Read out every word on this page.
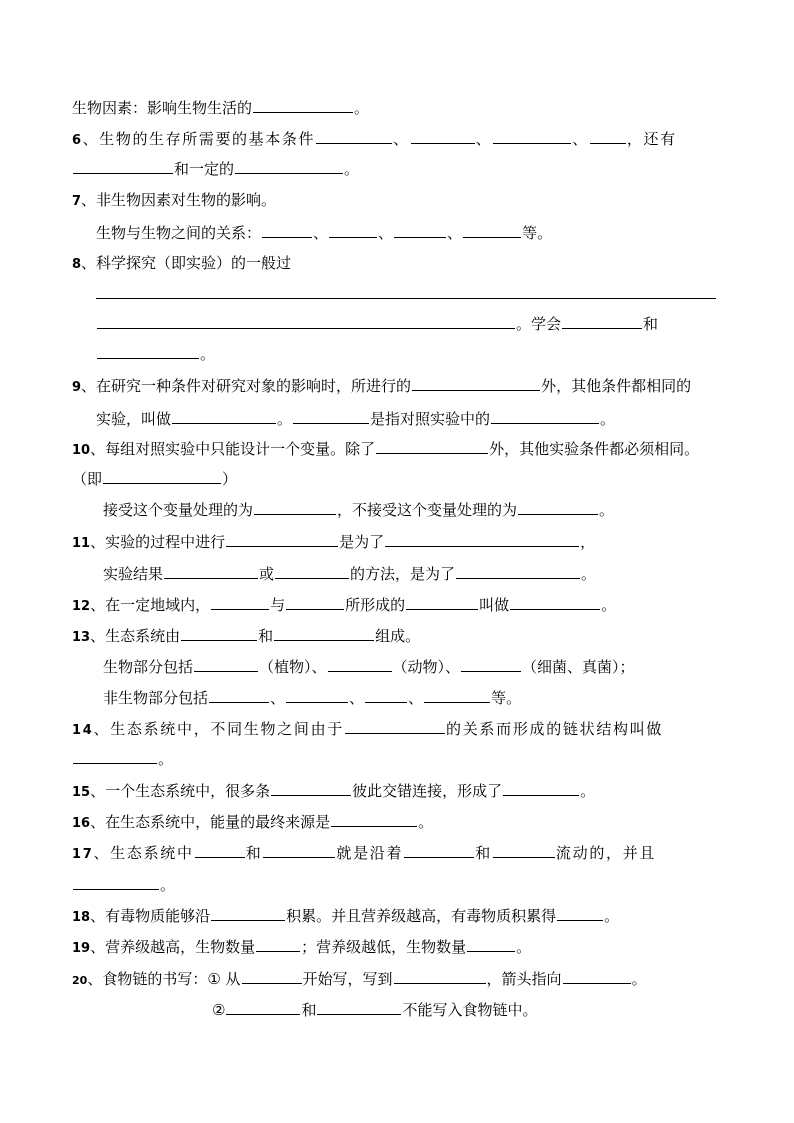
生物因素：影响生物生活的	。
6、生物的生存所需要的基本条件	、	、	、	，还有
和一定的	。
7、非生物因素对生物的影响。
生物与生物之间的关系：	、	、	、	等。
8、科学探究（即实验）的一般过
。学会	和
。
9、在研究一种条件对研究对象的影响时，所进行的	外，其他条件都相同的
实验，叫做	。	是指对照实验中的	。
10、每组对照实验中只能设计一个变量。除了	外，其他实验条件都必须相同。
（即	）
接受这个变量处理的为	，不接受这个变量处理的为	。
11、实验的过程中进行	是为了	，
实验结果	或	的方法，是为了	。
12、在一定地域内，	与	所形成的	叫做	。
13、生态系统由	和	组成。
生物部分包括	（植物）、	（动物）、	（细菌、真菌）；
非生物部分包括	、	、	、	等。
14、生态系统中，不同生物之间由于	的关系而形成的链状结构叫做
。
15、一个生态系统中，很多条	彼此交错连接，形成了	。
16、在生态系统中，能量的最终来源是	。
17、生态系统中	和	就是沿着	和	流动的，并且
。
18、有毒物质能够沿	积累。并且营养级越高，有毒物质积累得	。
19、营养级越高，生物数量	；营养级越低，生物数量	。
20、食物链的书写：① 从	开始写，写到	，箭头指向	。
②	和	不能写入食物链中。
